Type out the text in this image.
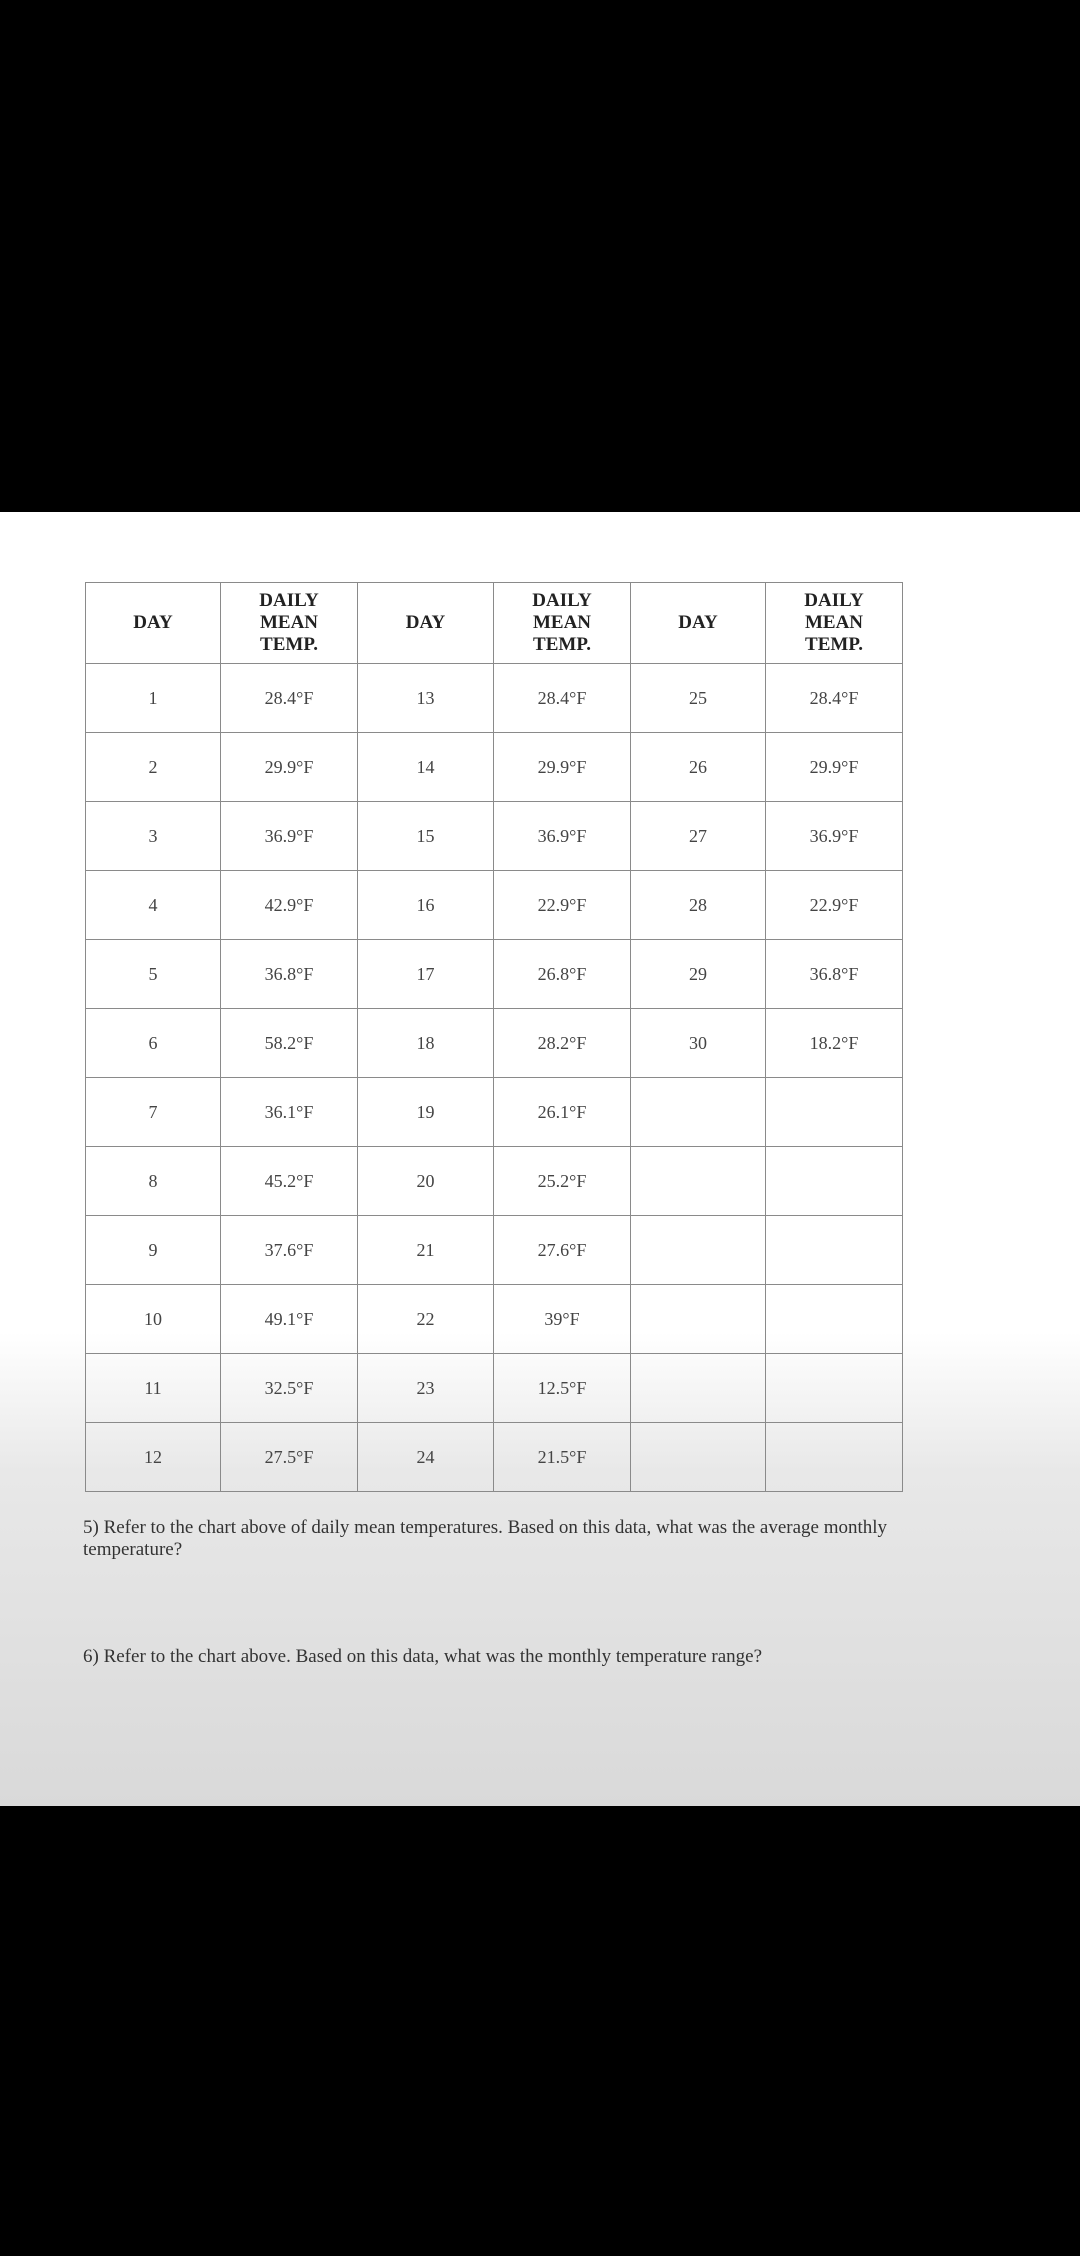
DAY	DAILY
MEAN
TEMP.	DAY	DAILY
MEAN
TEMP.	DAY	DAILY
MEAN
TEMP.
1	28.4°F	13	28.4°F	25	28.4°F
2	29.9°F	14	29.9°F	26	29.9°F
3	36.9°F	15	36.9°F	27	36.9°F
4	42.9°F	16	22.9°F	28	22.9°F
5	36.8°F	17	26.8°F	29	36.8°F
6	58.2°F	18	28.2°F	30	18.2°F
7	36.1°F	19	26.1°F		
8	45.2°F	20	25.2°F		
9	37.6°F	21	27.6°F		
10	49.1°F	22	39°F		
11	32.5°F	23	12.5°F		
12	27.5°F	24	21.5°F		
5) Refer to the chart above of daily mean temperatures. Based on this data, what was the average monthly temperature?
6) Refer to the chart above. Based on this data, what was the monthly temperature range?
